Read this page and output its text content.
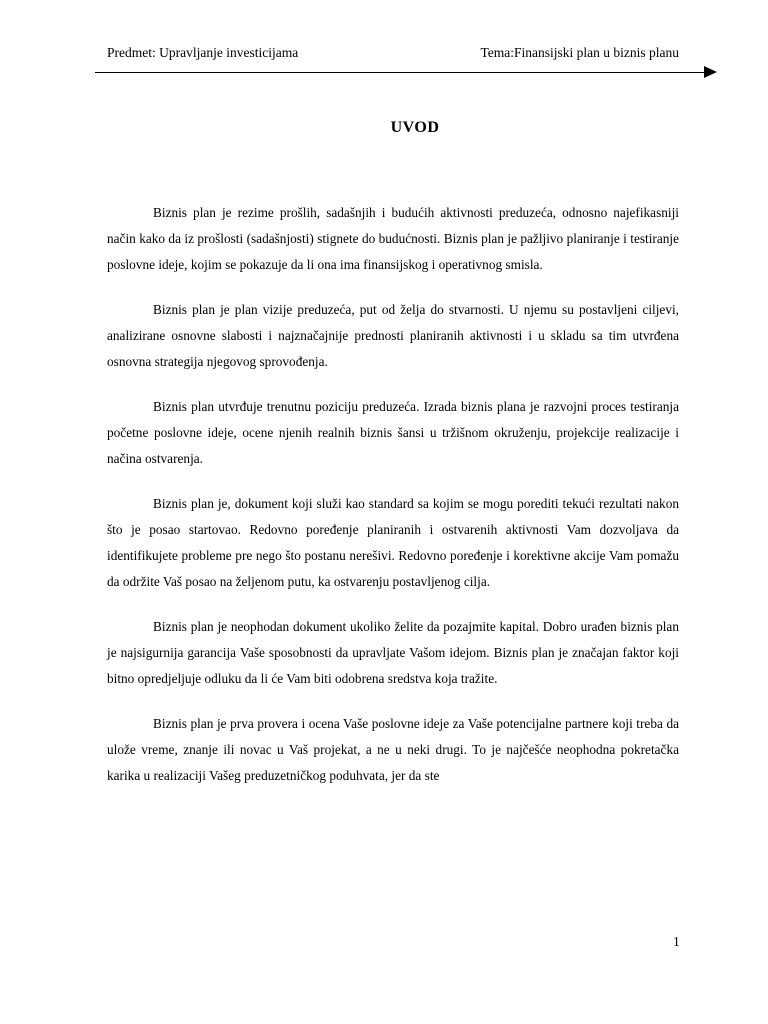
Predmet: Upravljanje investicijama	Tema:Finansijski plan u biznis planu
UVOD

Biznis plan je rezime prošlih, sadašnjih i budućih aktivnosti preduzeća, odnosno najefikasniji način kako da iz prošlosti (sadašnjosti) stignete do budućnosti. Biznis plan je pažljivo planiranje i testiranje poslovne ideje, kojim se pokazuje da li ona ima finansijskog i operativnog smisla.

Biznis plan je plan vizije preduzeća, put od želja do stvarnosti. U njemu su postavljeni ciljevi, analizirane osnovne slabosti i najznačajnije prednosti planiranih aktivnosti i u skladu sa tim utvrđena osnovna strategija njegovog sprovođenja.

Biznis plan utvrđuje trenutnu poziciju preduzeća. Izrada biznis plana je razvojni proces testiranja početne poslovne ideje, ocene njenih realnih biznis šansi u tržišnom okruženju, projekcije realizacije i načina ostvarenja.

Biznis plan je, dokument koji služi kao standard sa kojim se mogu porediti tekući rezultati nakon što je posao startovao. Redovno poređenje planiranih i ostvarenih aktivnosti Vam dozvoljava da identifikujete probleme pre nego što postanu nerešivi. Redovno poređenje i korektivne akcije Vam pomažu da održite Vaš posao na željenom putu, ka ostvarenju postavljenog cilja.

Biznis plan je neophodan dokument ukoliko želite da pozajmite kapital. Dobro urađen biznis plan je najsigurnija garancija Vaše sposobnosti da upravljate Vašom idejom. Biznis plan je značajan faktor koji bitno opredjeljuje odluku da li će Vam biti odobrena sredstva koja tražite.

Biznis plan je prva provera i ocena Vaše poslovne ideje za Vaše potencijalne partnere koji treba da ulože vreme, znanje ili novac u Vaš projekat, a ne u neki drugi. To je najčešće neophodna pokretačka karika u realizaciji Vašeg preduzetničkog poduhvata, jer da ste

1
